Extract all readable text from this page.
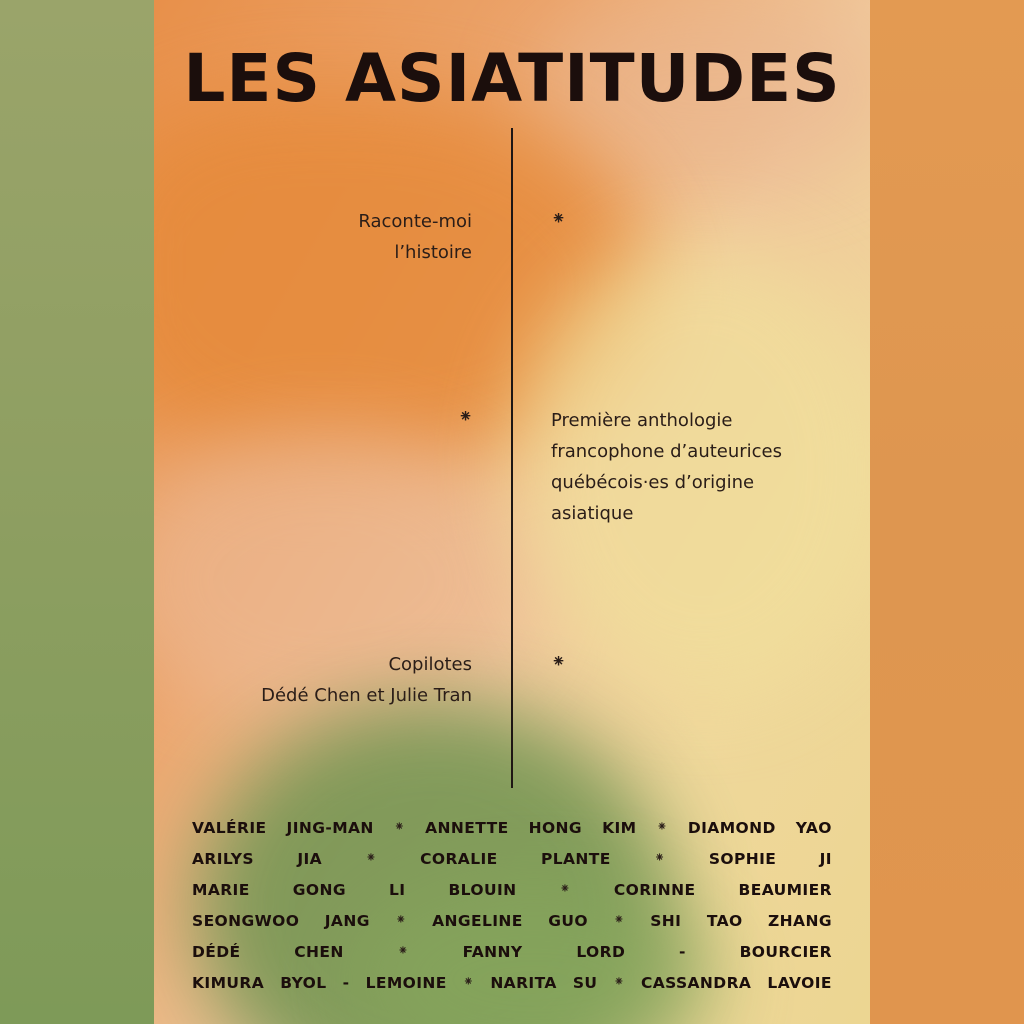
LES ASIATITUDES
Raconte-moi
l’histoire
⁕
⁕	Première anthologie
francophone d’auteurices
québécois·es d’origine
asiatique
Copilotes
Dédé Chen et Julie Tran
⁕
VALÉRIE JING-MAN ⁕ ANNETTE HONG KIM ⁕ DIAMOND YAO
ARILYS	JIA	⁕	CORALIE	PLANTE	⁕	SOPHIE	JI
MARIE	GONG	LI	BLOUIN	⁕	CORINNE	BEAUMIER
SEONGWOO JANG ⁕ ANGELINE GUO ⁕ SHI TAO ZHANG
DÉDÉ	CHEN	⁕	FANNY	LORD	-	BOURCIER
KIMURA BYOL - LEMOINE ⁕ NARITA SU ⁕ CASSANDRA LAVOIE
